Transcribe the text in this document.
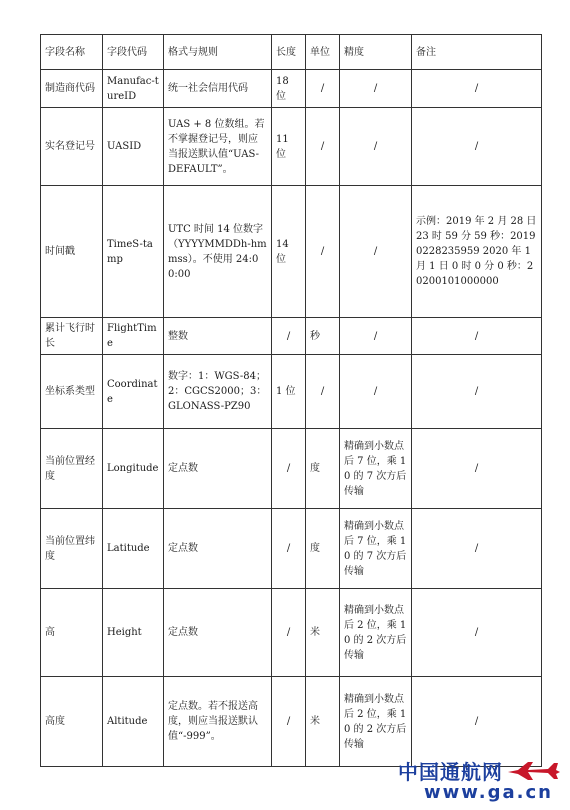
字段名称	字段代码	格式与规则	长度	单位	精度	备注
制造商代码	Manufac-tureID	统一社会信用代码	18 位	/	/	/
实名登记号	UASID	UAS + 8 位数组。若不掌握登记号，则应当报送默认值“UAS-DEFAULT”。	11 位	/	/	/
时间戳	TimeS-tamp	UTC 时间 14 位数字（YYYYMMDDh-hmmss）。不使用 24:00:00	14 位	/	/	示例：2019 年 2 月 28 日 23 时 59 分 59 秒：20190228235959 2020 年 1 月 1 日 0 时 0 分 0 秒：20200101000000
累计飞行时长	FlightTime	整数	/	秒	/	/
坐标系类型	Coordinate	数字：1：WGS-84；2：CGCS2000；3：GLONASS-PZ90	1 位	/	/	/
当前位置经度	Longitude	定点数	/	度	精确到小数点后 7 位，乘 10 的 7 次方后传输	/
当前位置纬度	Latitude	定点数	/	度	精确到小数点后 7 位，乘 10 的 7 次方后传输	/
高	Height	定点数	/	米	精确到小数点后 2 位，乘 10 的 2 次方后传输	/
高度	Altitude	定点数。若不报送高度，则应当报送默认值“-999”。	/	米	精确到小数点后 2 位，乘 10 的 2 次方后传输	/
中国通航网
www.ga.cn
